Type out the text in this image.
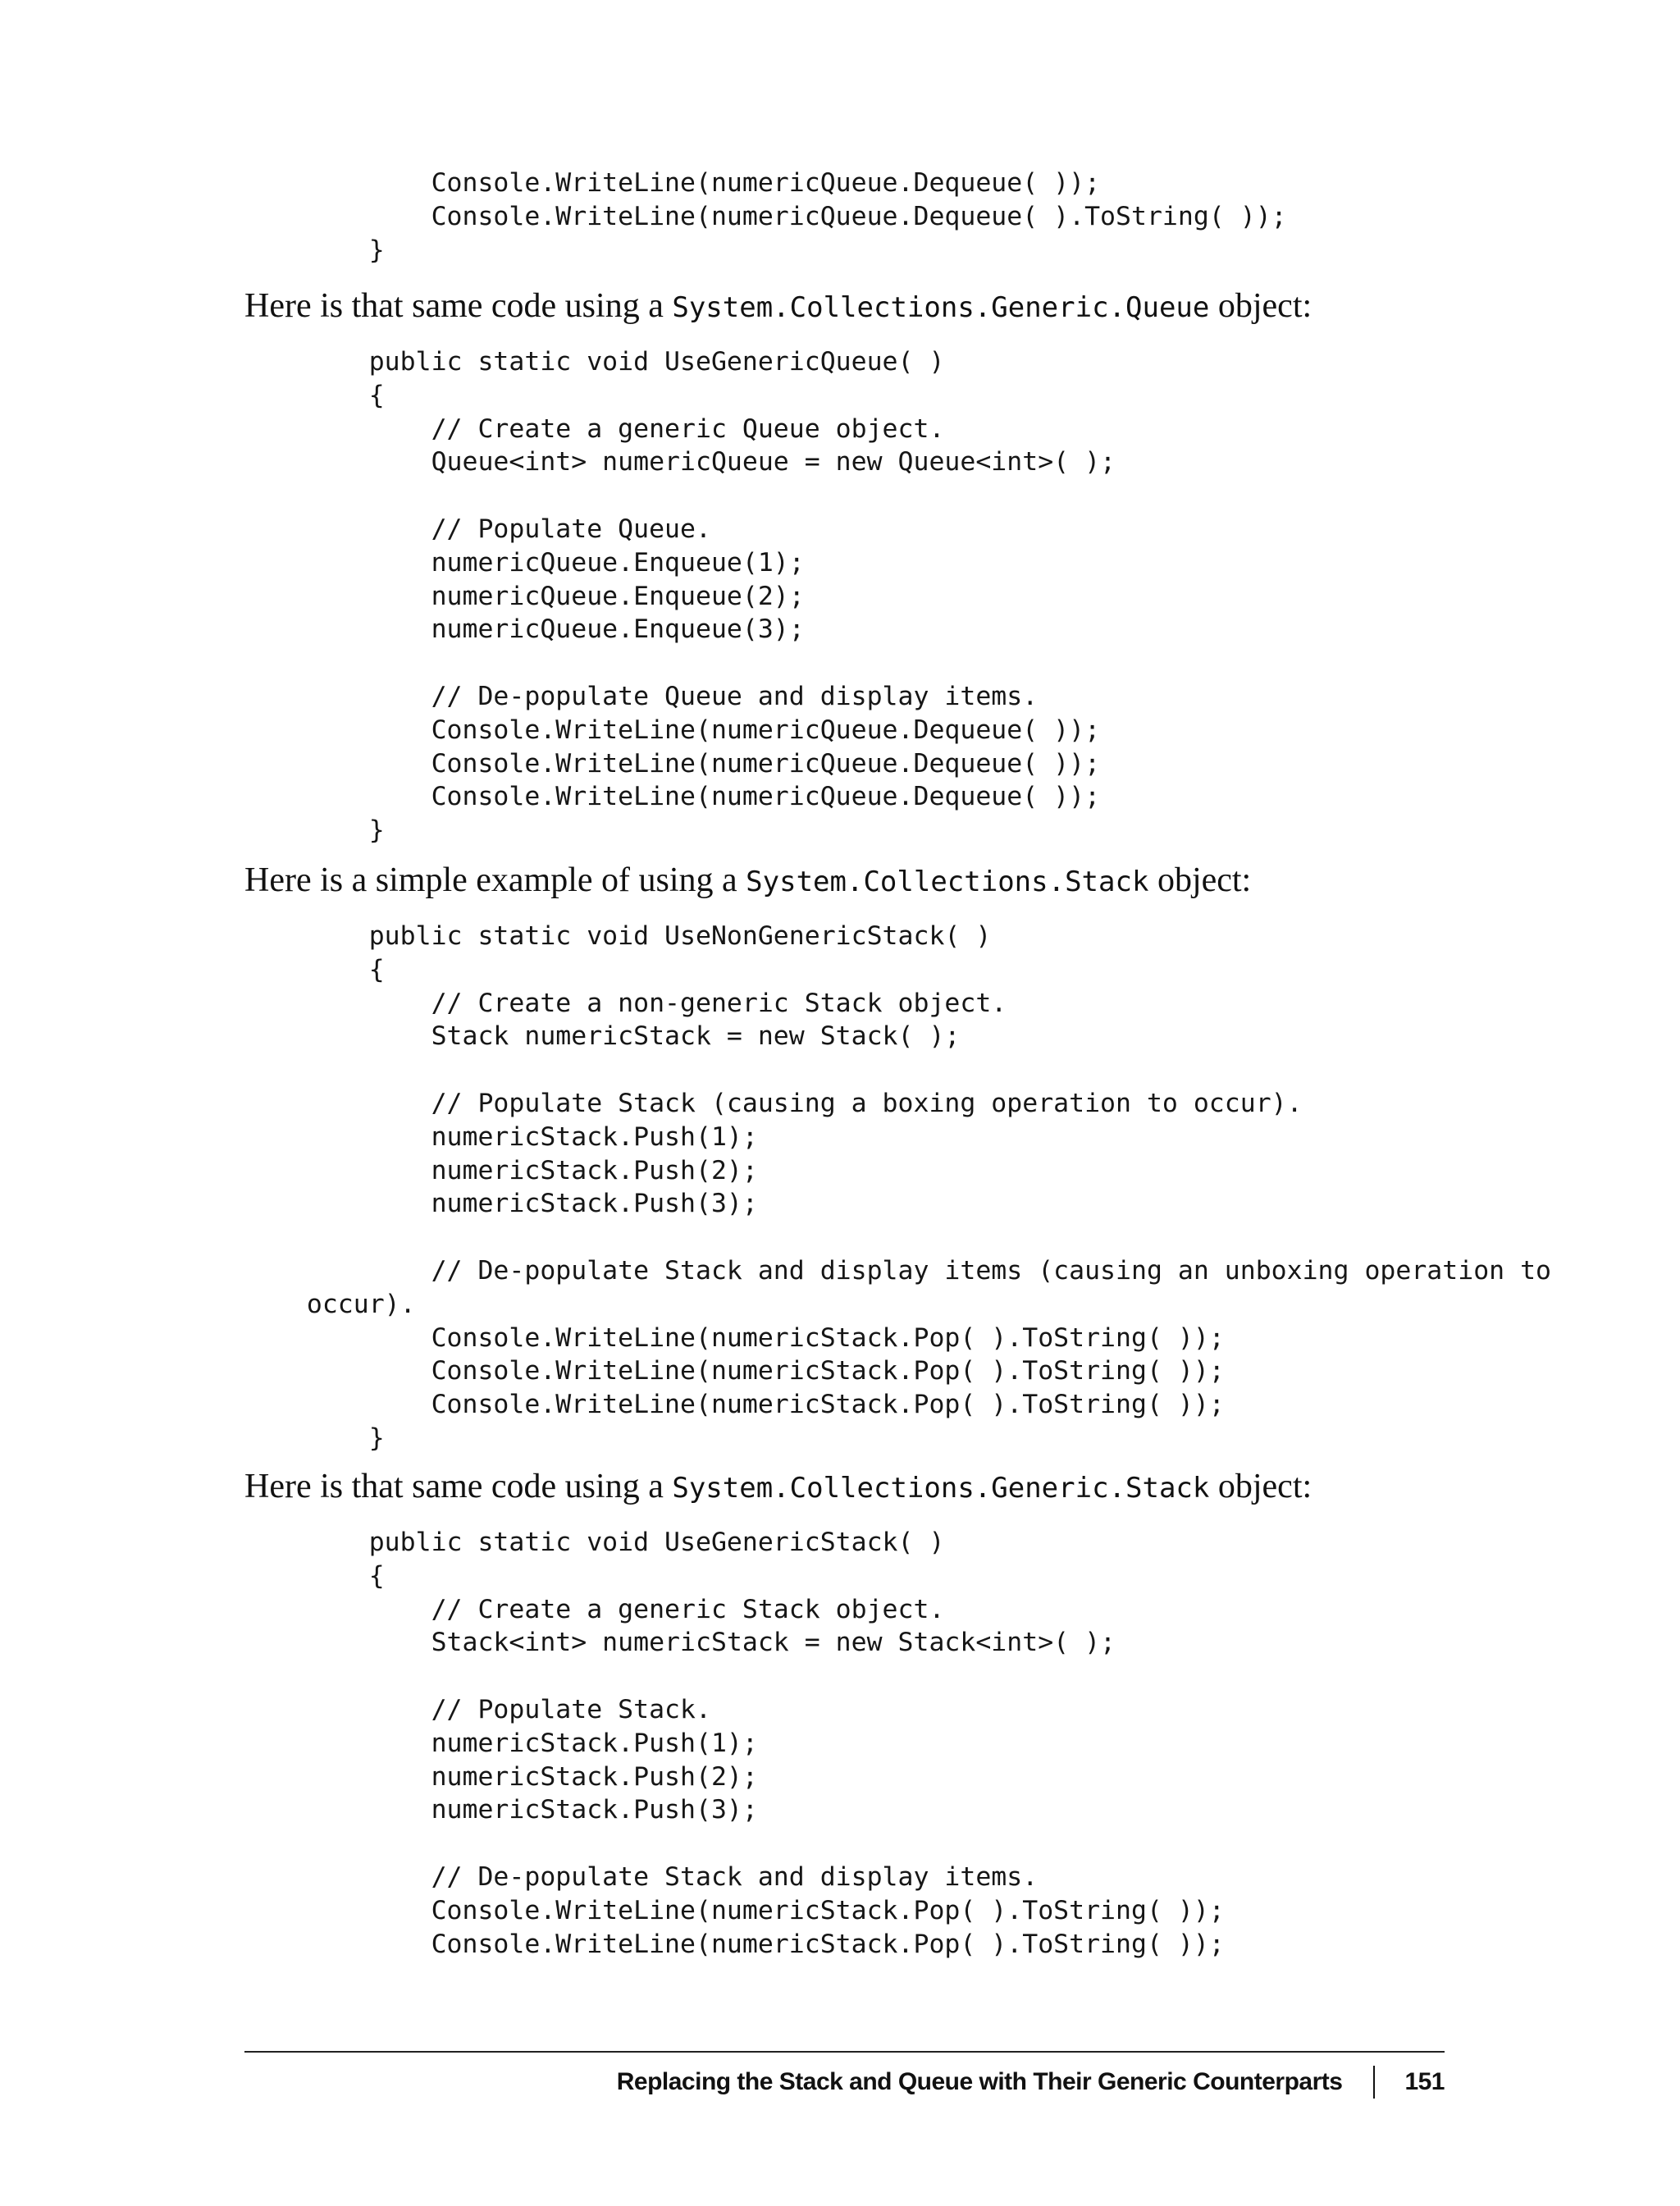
Console.WriteLine(numericQueue.Dequeue( ));
Console.WriteLine(numericQueue.Dequeue( ).ToString( ));
}

Here is that same code using a System.Collections.Generic.Queue object:

public static void UseGenericQueue( )
{
// Create a generic Queue object.
Queue<int> numericQueue = new Queue<int>( );

// Populate Queue.
numericQueue.Enqueue(1);
numericQueue.Enqueue(2);
numericQueue.Enqueue(3);

// De-populate Queue and display items.
Console.WriteLine(numericQueue.Dequeue( ));
Console.WriteLine(numericQueue.Dequeue( ));
Console.WriteLine(numericQueue.Dequeue( ));
}

Here is a simple example of using a System.Collections.Stack object:

public static void UseNonGenericStack( )
{
// Create a non-generic Stack object.
Stack numericStack = new Stack( );

// Populate Stack (causing a boxing operation to occur).
numericStack.Push(1);
numericStack.Push(2);
numericStack.Push(3);

// De-populate Stack and display items (causing an unboxing operation to
occur).
Console.WriteLine(numericStack.Pop( ).ToString( ));
Console.WriteLine(numericStack.Pop( ).ToString( ));
Console.WriteLine(numericStack.Pop( ).ToString( ));
}

Here is that same code using a System.Collections.Generic.Stack object:

public static void UseGenericStack( )
{
// Create a generic Stack object.
Stack<int> numericStack = new Stack<int>( );

// Populate Stack.
numericStack.Push(1);
numericStack.Push(2);
numericStack.Push(3);

// De-populate Stack and display items.
Console.WriteLine(numericStack.Pop( ).ToString( ));
Console.WriteLine(numericStack.Pop( ).ToString( ));
Replacing the Stack and Queue with Their Generic Counterparts	151
